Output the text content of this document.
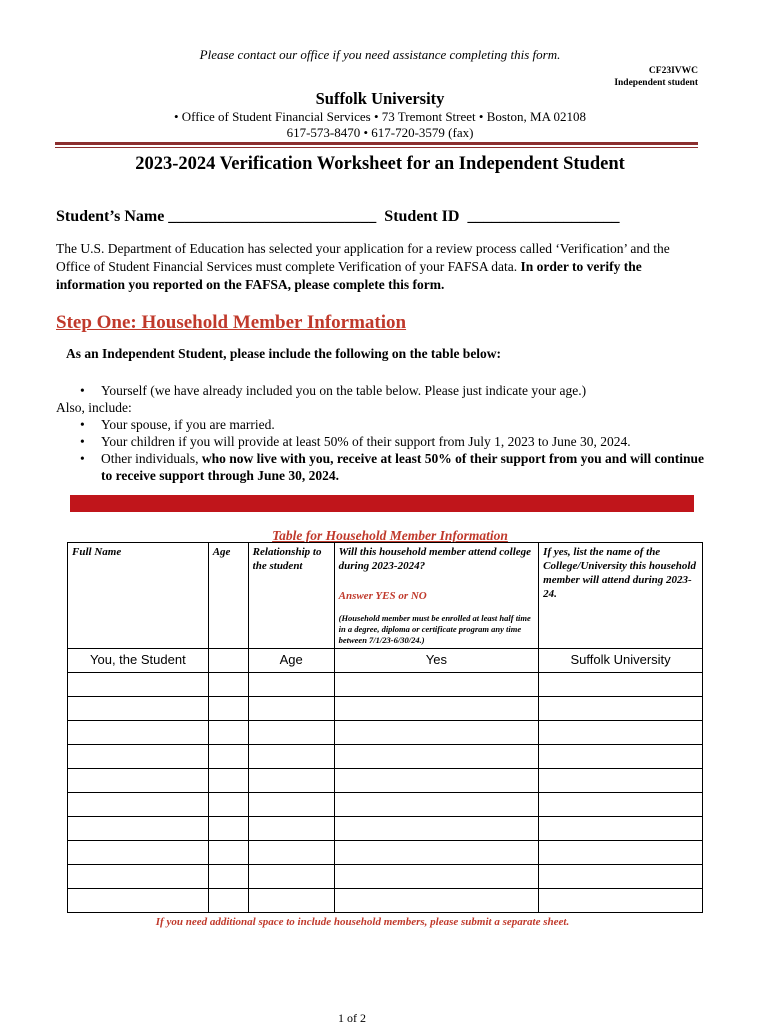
Please contact our office if you need assistance completing this form.
CF23IVWC
Independent student
Suffolk University
• Office of Student Financial Services • 73 Tremont Street • Boston, MA 02108
617-573-8470 • 617-720-3579 (fax)
2023-2024 Verification Worksheet for an Independent Student
Student’s Name __________________________ Student ID ___________________
The U.S. Department of Education has selected your application for a review process called ‘Verification’ and the Office of Student Financial Services must complete Verification of your FAFSA data. In order to verify the information you reported on the FAFSA, please complete this form.
Step One: Household Member Information
As an Independent Student, please include the following on the table below:
• Yourself (we have already included you on the table below. Please just indicate your age.)
Also, include:
• Your spouse, if you are married.
• Your children if you will provide at least 50% of their support from July 1, 2023 to June 30, 2024.
• Other individuals, who now live with you, receive at least 50% of their support from you and will continue to receive support through June 30, 2024.
Table for Household Member Information
Full Name	Age	Relationship to the student	Will this household member attend college during 2023-2024?
Answer YES or NO
(Household member must be enrolled at least half time in a degree, diploma or certificate program any time between 7/1/23-6/30/24.)	If yes, list the name of the College/University this household member will attend during 2023-24.
You, the Student		Age	Yes	Suffolk University

If you need additional space to include household members, please submit a separate sheet.
1 of 2
